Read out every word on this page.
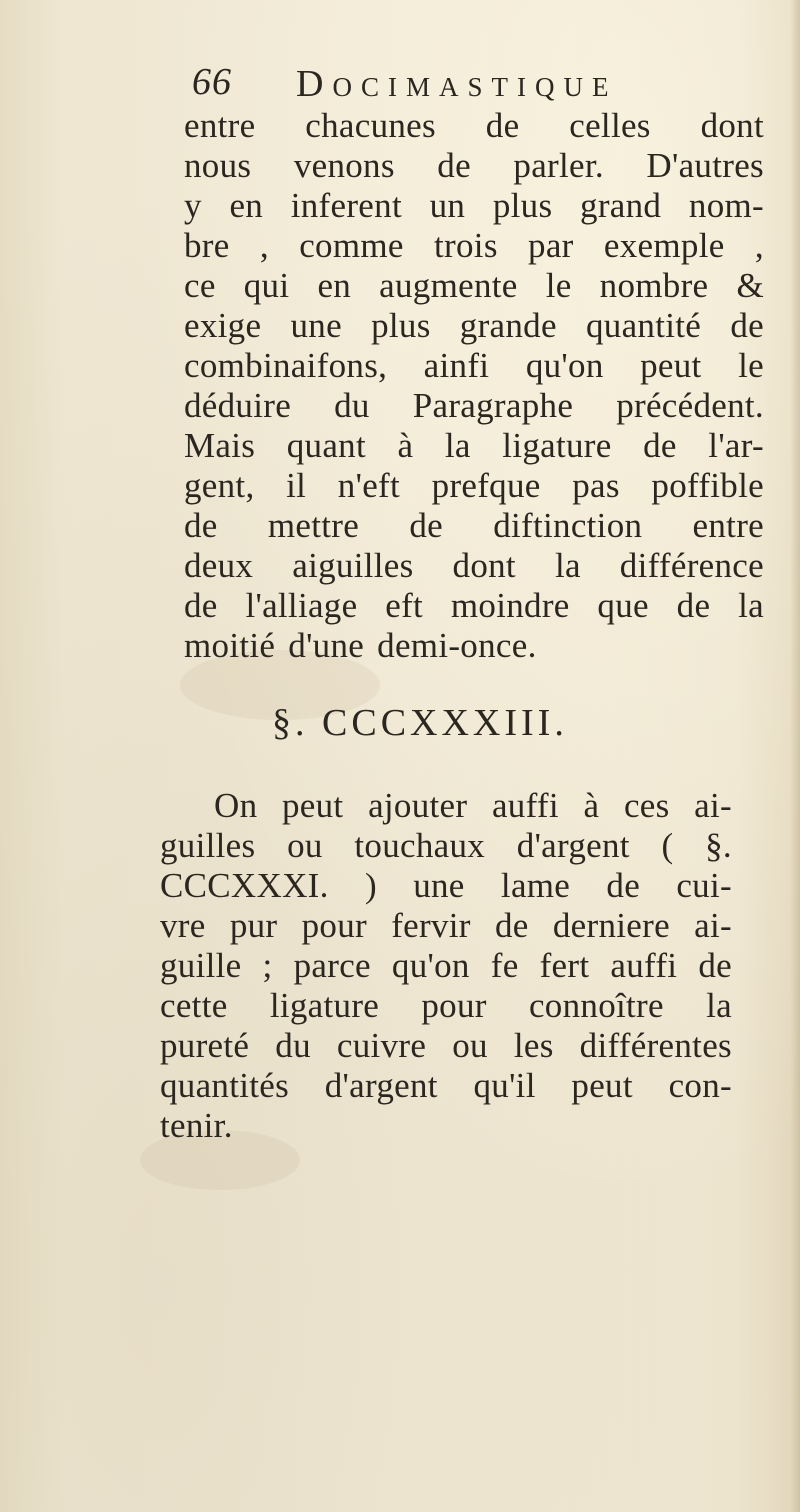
66 Docimastique
entre chacunes de celles dont
nous venons de parler. D'autres
y en inferent un plus grand nom-
bre , comme trois par exemple ,
ce qui en augmente le nombre &
exige une plus grande quantité de
combinaifons, ainfi qu'on peut le
déduire du Paragraphe précédent.
Mais quant à la ligature de l'ar-
gent, il n'eft prefque pas poffible
de mettre de diftinction entre
deux aiguilles dont la différence
de l'alliage eft moindre que de la
moitié d'une demi-once.
§. CCCXXXIII.
On peut ajouter auffi à ces ai-
guilles ou touchaux d'argent ( §.
CCCXXXI. ) une lame de cui-
vre pur pour fervir de derniere ai-
guille ; parce qu'on fe fert auffi de
cette ligature pour connoître la
pureté du cuivre ou les différentes
quantités d'argent qu'il peut con-
tenir.
